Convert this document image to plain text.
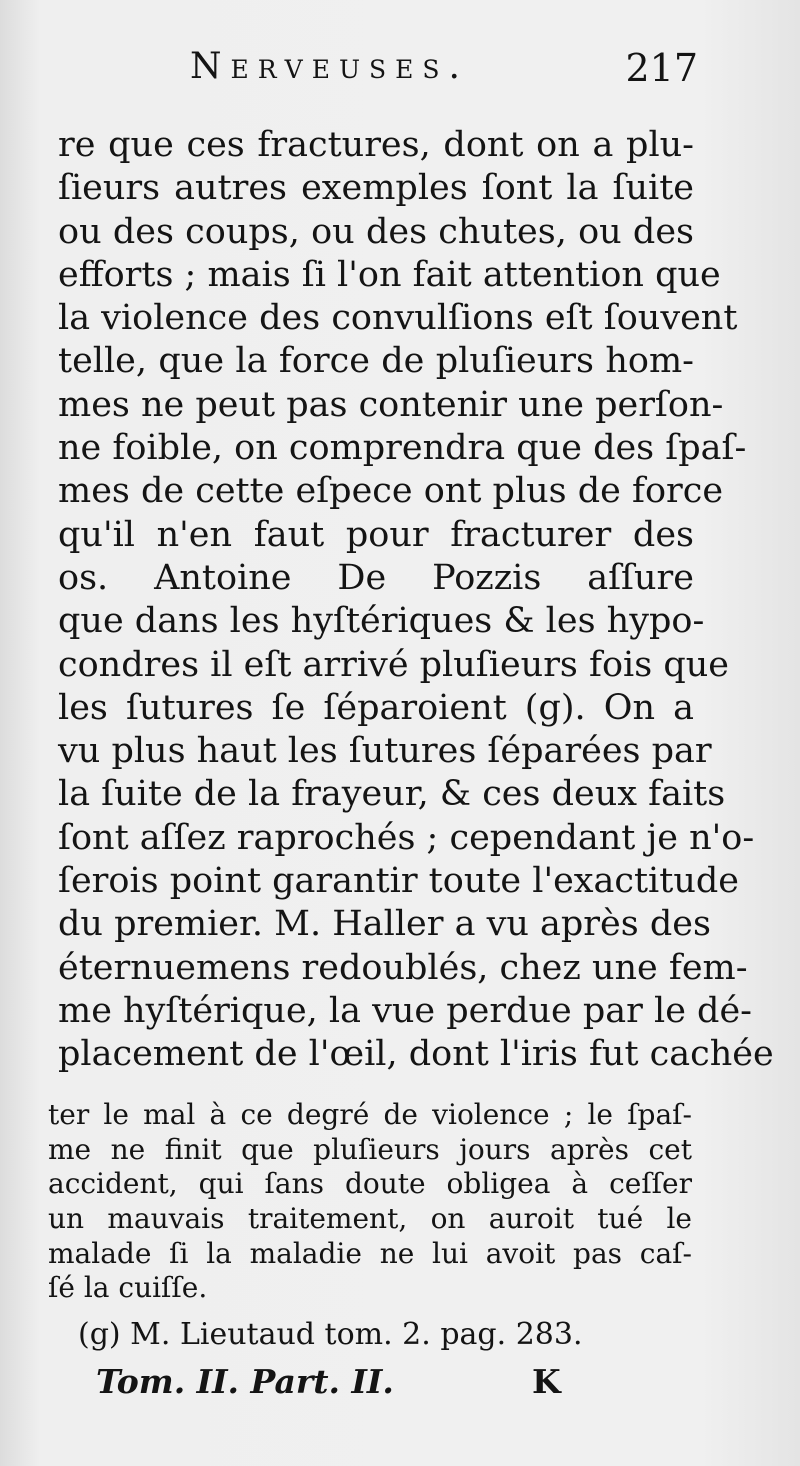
Nerveuses.	217
re que ces fractures, dont on a plu-
ſieurs autres exemples ſont la ſuite
ou des coups, ou des chutes, ou des
efforts ; mais ſi l'on fait attention que
la violence des convulſions eſt ſouvent
telle, que la force de pluſieurs hom-
mes ne peut pas contenir une perſon-
ne foible, on comprendra que des ſpaſ-
mes de cette eſpece ont plus de force
qu'il n'en faut pour fracturer des
os. Antoine De Pozzis aſſure
que dans les hyſtériques & les hypo-
condres il eſt arrivé pluſieurs fois que
les ſutures ſe ſéparoient (g). On a
vu plus haut les ſutures ſéparées par
la ſuite de la frayeur, & ces deux faits
ſont aſſez raprochés ; cependant je n'o-
ſerois point garantir toute l'exactitude
du premier. M. Haller a vu après des
éternuemens redoublés, chez une fem-
me hyſtérique, la vue perdue par le dé-
placement de l'œil, dont l'iris fut cachée
ter le mal à ce degré de violence ; le ſpaſ-
me ne finit que pluſieurs jours après cet
accident, qui ſans doute obligea à ceſſer
un mauvais traitement, on auroit tué le
malade ſi la maladie ne lui avoit pas caſ-
ſé la cuiſſe.
(g) M. Lieutaud tom. 2. pag. 283.
Tom. II. Part. II.	K
